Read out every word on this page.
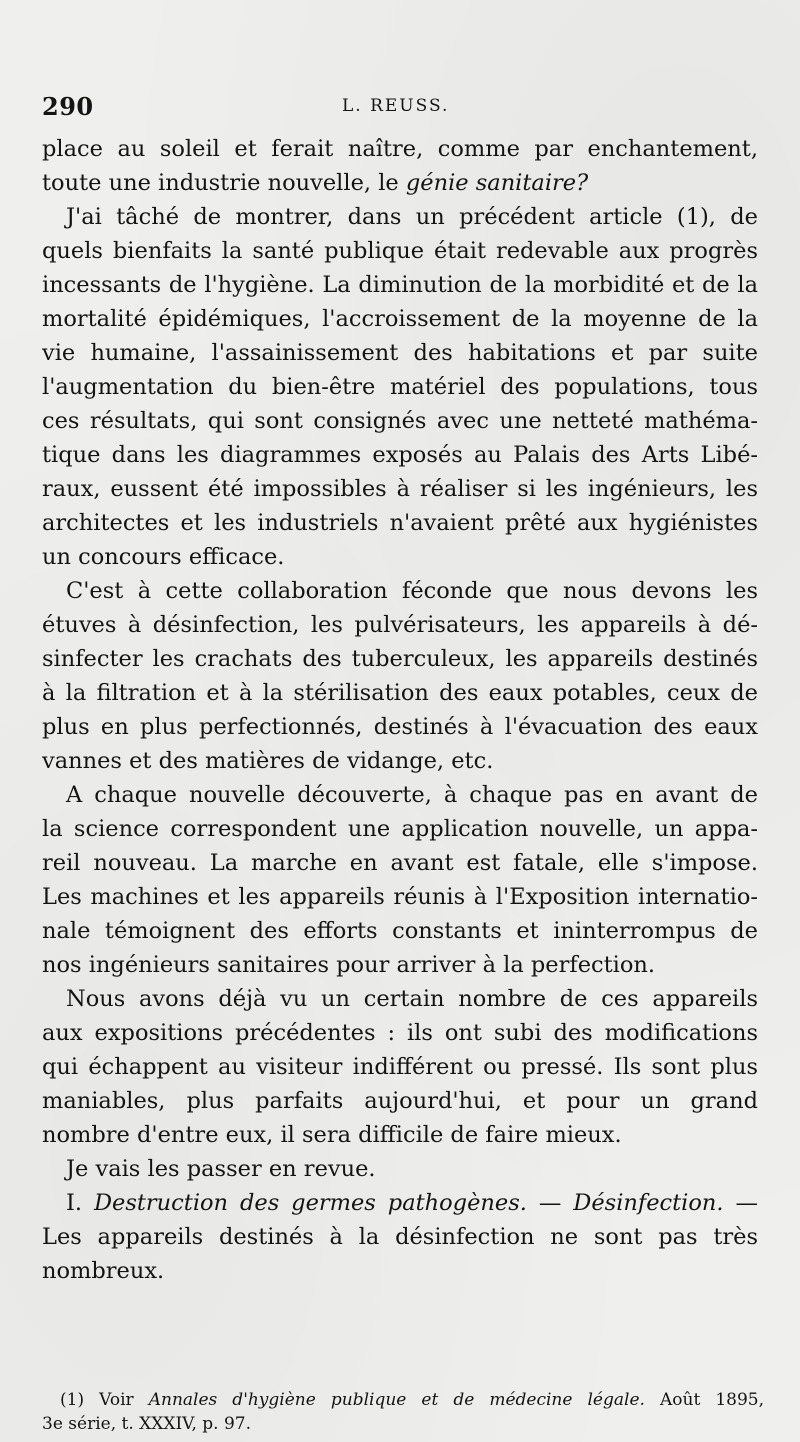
290	L. REUSS.
place au soleil et ferait naître, comme par enchantement,
toute une industrie nouvelle, le génie sanitaire?
J'ai tâché de montrer, dans un précédent article (1), de
quels bienfaits la santé publique était redevable aux progrès
incessants de l'hygiène. La diminution de la morbidité et de la
mortalité épidémiques, l'accroissement de la moyenne de la
vie humaine, l'assainissement des habitations et par suite
l'augmentation du bien-être matériel des populations, tous
ces résultats, qui sont consignés avec une netteté mathéma-
tique dans les diagrammes exposés au Palais des Arts Libé-
raux, eussent été impossibles à réaliser si les ingénieurs, les
architectes et les industriels n'avaient prêté aux hygiénistes
un concours efficace.
C'est à cette collaboration féconde que nous devons les
étuves à désinfection, les pulvérisateurs, les appareils à dé-
sinfecter les crachats des tuberculeux, les appareils destinés
à la filtration et à la stérilisation des eaux potables, ceux de
plus en plus perfectionnés, destinés à l'évacuation des eaux
vannes et des matières de vidange, etc.
A chaque nouvelle découverte, à chaque pas en avant de
la science correspondent une application nouvelle, un appa-
reil nouveau. La marche en avant est fatale, elle s'impose.
Les machines et les appareils réunis à l'Exposition internatio-
nale témoignent des efforts constants et ininterrompus de
nos ingénieurs sanitaires pour arriver à la perfection.
Nous avons déjà vu un certain nombre de ces appareils
aux expositions précédentes : ils ont subi des modifications
qui échappent au visiteur indifférent ou pressé. Ils sont plus
maniables, plus parfaits aujourd'hui, et pour un grand
nombre d'entre eux, il sera difficile de faire mieux.
Je vais les passer en revue.
I. Destruction des germes pathogènes. — Désinfection. —
Les appareils destinés à la désinfection ne sont pas très
nombreux.
(1) Voir Annales d'hygiène publique et de médecine légale. Août 1895,
3e série, t. XXXIV, p. 97.
